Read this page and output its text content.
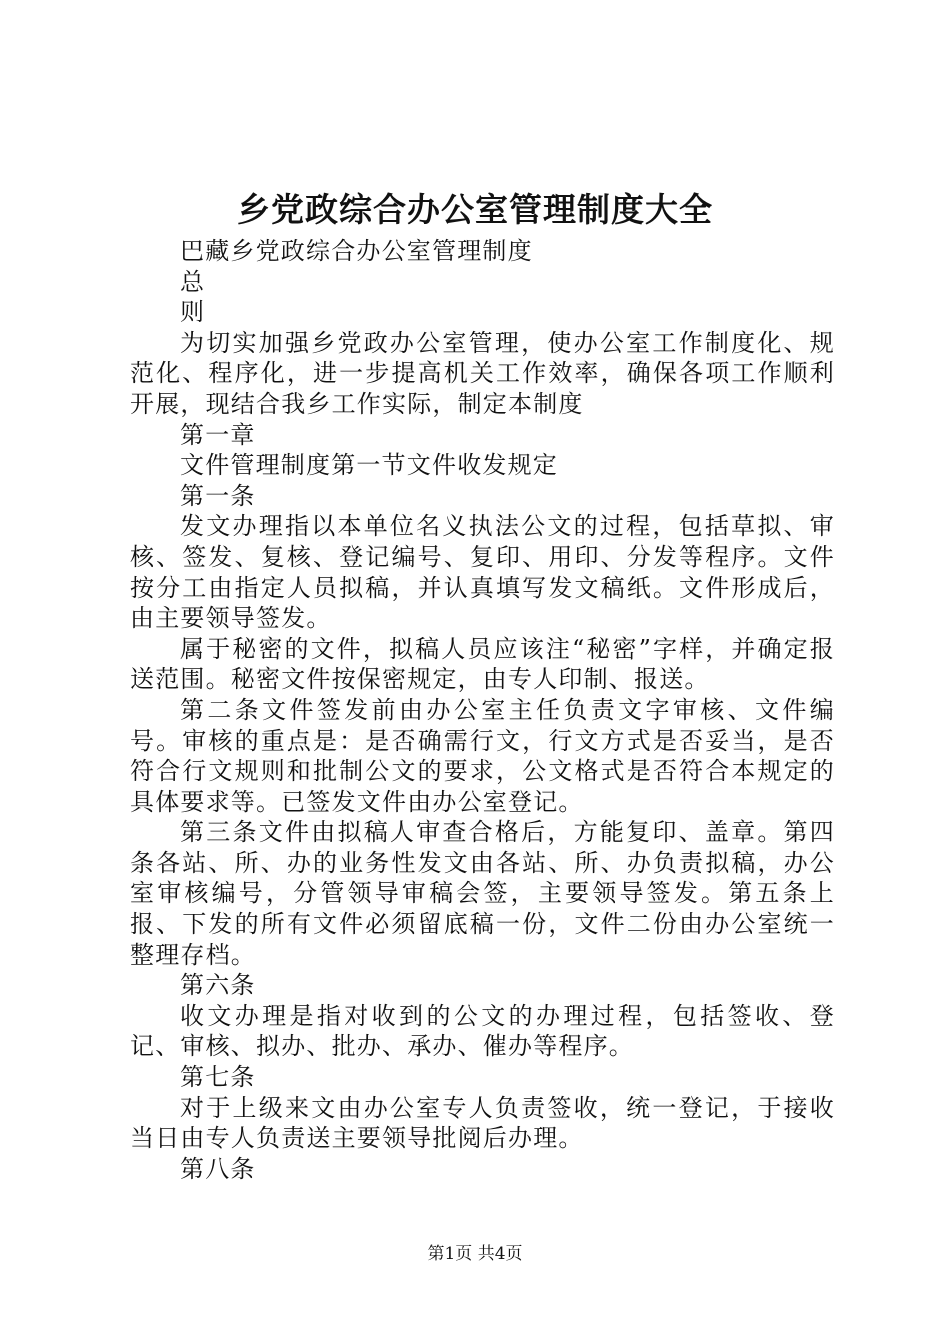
乡党政综合办公室管理制度大全

巴藏乡党政综合办公室管理制度

总

则

为切实加强乡党政办公室管理，使办公室工作制度化、规范化、程序化，进一步提高机关工作效率，确保各项工作顺利开展，现结合我乡工作实际，制定本制度

第一章

文件管理制度第一节文件收发规定

第一条

发文办理指以本单位名义执法公文的过程，包括草拟、审核、签发、复核、登记编号、复印、用印、分发等程序。文件按分工由指定人员拟稿，并认真填写发文稿纸。文件形成后，由主要领导签发。

属于秘密的文件，拟稿人员应该注“秘密”字样，并确定报送范围。秘密文件按保密规定，由专人印制、报送。

第二条文件签发前由办公室主任负责文字审核、文件编号。审核的重点是：是否确需行文，行文方式是否妥当，是否符合行文规则和批制公文的要求，公文格式是否符合本规定的具体要求等。已签发文件由办公室登记。

第三条文件由拟稿人审查合格后，方能复印、盖章。第四条各站、所、办的业务性发文由各站、所、办负责拟稿，办公室审核编号，分管领导审稿会签，主要领导签发。第五条上报、下发的所有文件必须留底稿一份，文件二份由办公室统一整理存档。

第六条

收文办理是指对收到的公文的办理过程，包括签收、登记、审核、拟办、批办、承办、催办等程序。

第七条

对于上级来文由办公室专人负责签收，统一登记，于接收当日由专人负责送主要领导批阅后办理。

第八条

第1页 共4页
